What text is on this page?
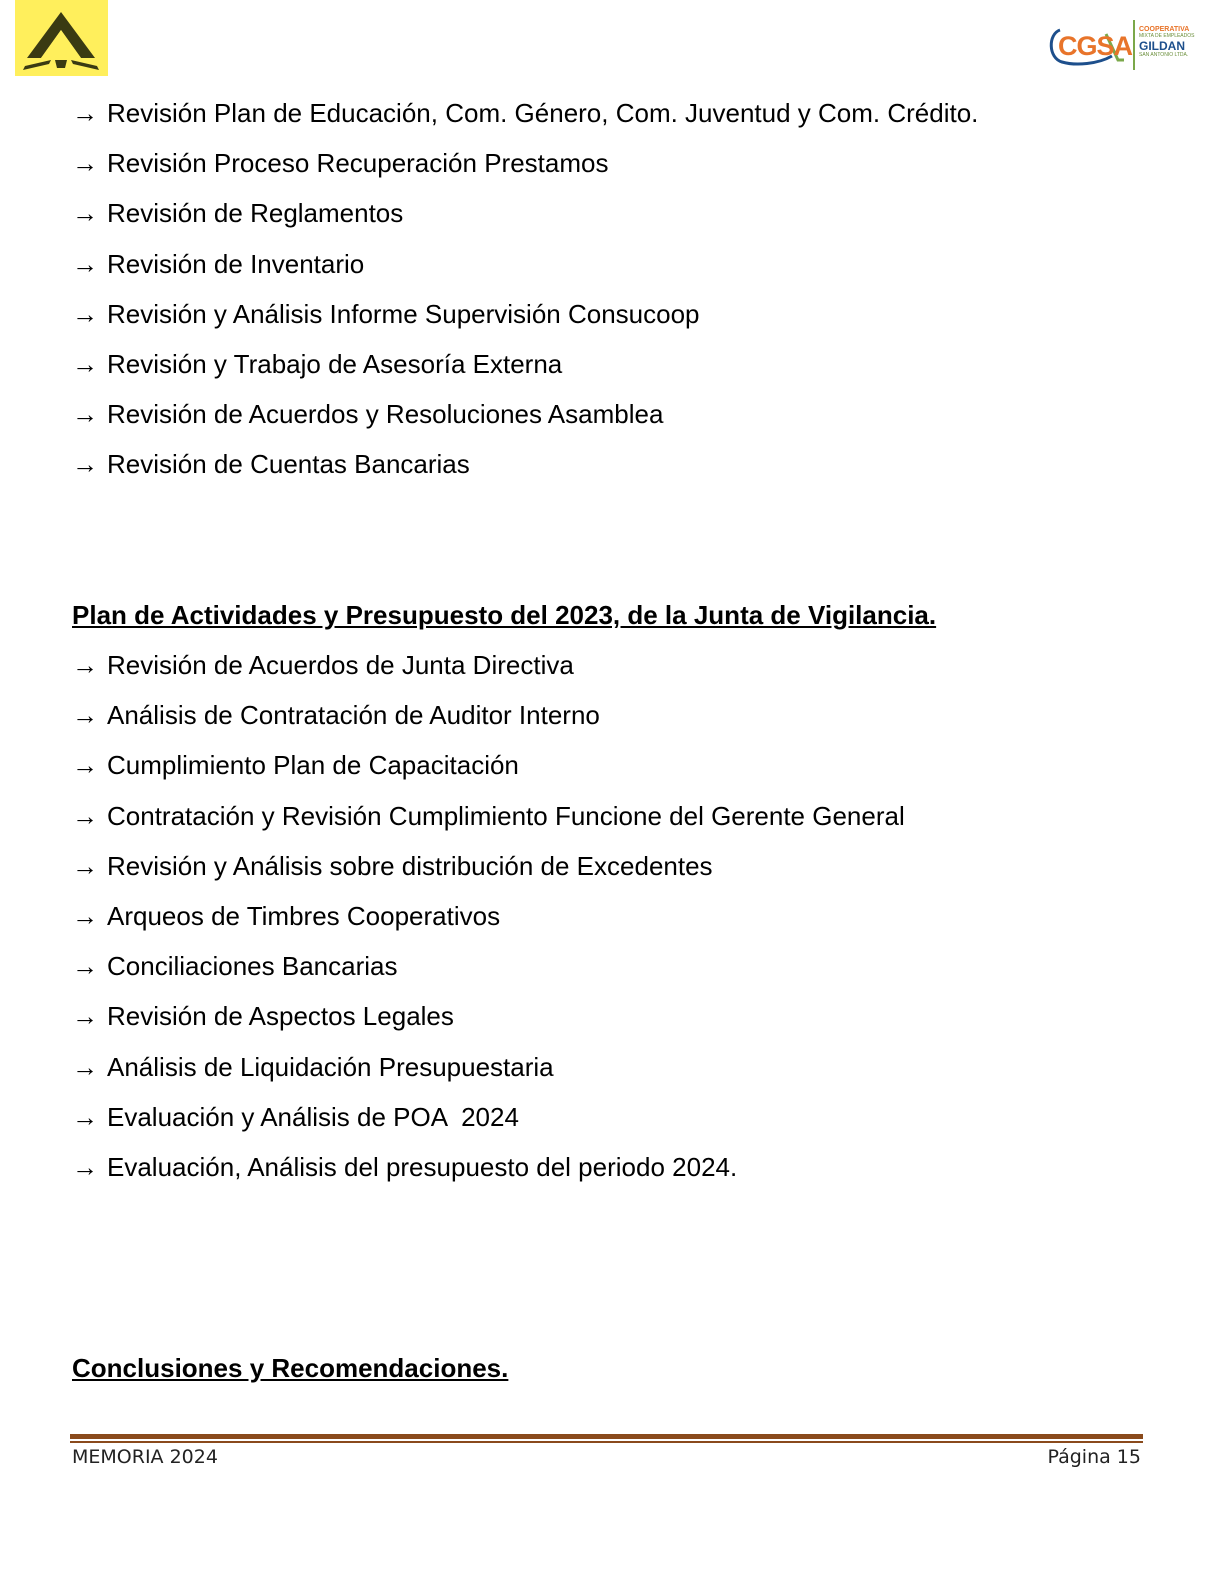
CGSA
COOPERATIVA
MIXTA DE EMPLEADOS
GILDAN
SAN ANTONIO LTDA.
→ Revisión Plan de Educación, Com. Género, Com. Juventud y Com. Crédito.
→ Revisión Proceso Recuperación Prestamos
→ Revisión de Reglamentos
→ Revisión de Inventario
→ Revisión y Análisis Informe Supervisión Consucoop
→ Revisión y Trabajo de Asesoría Externa
→ Revisión de Acuerdos y Resoluciones Asamblea
→ Revisión de Cuentas Bancarias
Plan de Actividades y Presupuesto del 2023, de la Junta de Vigilancia.
→ Revisión de Acuerdos de Junta Directiva
→ Análisis de Contratación de Auditor Interno
→ Cumplimiento Plan de Capacitación
→ Contratación y Revisión Cumplimiento Funcione del Gerente General
→ Revisión y Análisis sobre distribución de Excedentes
→ Arqueos de Timbres Cooperativos
→ Conciliaciones Bancarias
→ Revisión de Aspectos Legales
→ Análisis de Liquidación Presupuestaria
→ Evaluación y Análisis de POA  2024
→ Evaluación, Análisis del presupuesto del periodo 2024.
Conclusiones y Recomendaciones.
MEMORIA 2024	Página 15
